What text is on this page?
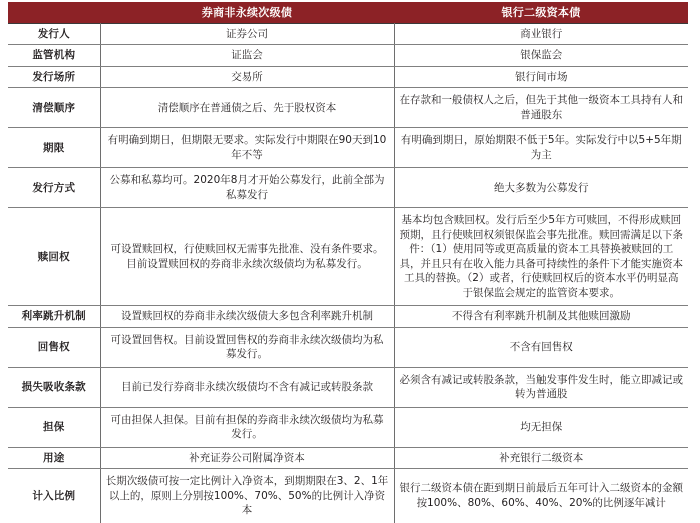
	券商非永续次级债	银行二级资本债
发行人	证券公司	商业银行
监管机构	证监会	银保监会
发行场所	交易所	银行间市场
清偿顺序	清偿顺序在普通债之后、先于股权资本	在存款和一般债权人之后，但先于其他一级资本工具持有人和普通股东
期限	有明确到期日，但期限无要求。实际发行中期限在90天到10年不等	有明确到期日，原始期限不低于5年。实际发行中以5+5年期为主
发行方式	公募和私募均可。2020年8月才开始公募发行，此前全部为私募发行	绝大多数为公募发行
赎回权	可设置赎回权，行使赎回权无需事先批准、没有条件要求。目前设置赎回权的券商非永续次级债均为私募发行。	基本均包含赎回权。发行后至少5年方可赎回，不得形成赎回预期，且行使赎回权须银保监会事先批准。赎回需满足以下条件：（1）使用同等或更高质量的资本工具替换被赎回的工具，并且只有在收入能力具备可持续性的条件下才能实施资本工具的替换。（2）或者，行使赎回权后的资本水平仍明显高于银保监会规定的监管资本要求。
利率跳升机制	设置赎回权的券商非永续次级债大多包含利率跳升机制	不得含有利率跳升机制及其他赎回激励
回售权	可设置回售权。目前设置回售权的券商非永续次级债均为私募发行。	不含有回售权
损失吸收条款	目前已发行券商非永续次级债均不含有减记或转股条款	必须含有减记或转股条款，当触发事件发生时，能立即减记或转为普通股
担保	可由担保人担保。目前有担保的券商非永续次级债均为私募发行。	均无担保
用途	补充证券公司附属净资本	补充银行二级资本
计入比例	长期次级债可按一定比例计入净资本，到期期限在3、2、1年以上的，原则上分别按100%、70%、50%的比例计入净资本	银行二级资本债在距到期日前最后五年可计入二级资本的金额按100%、80%、60%、40%、20%的比例逐年减计
